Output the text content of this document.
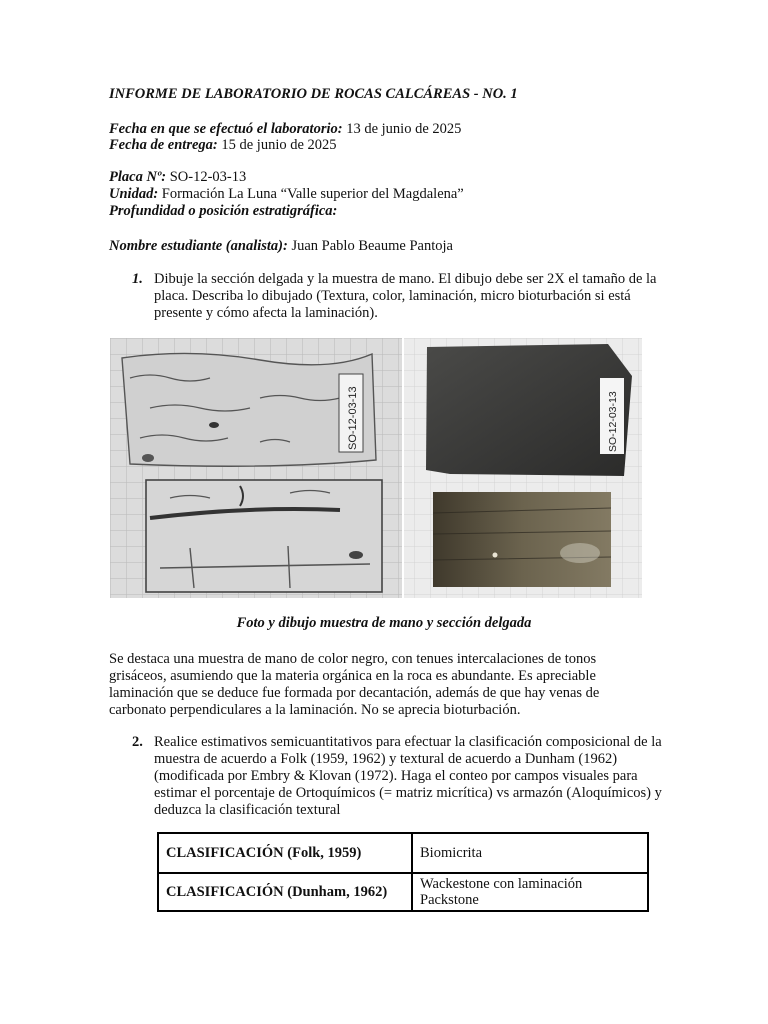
INFORME DE LABORATORIO DE ROCAS CALCÁREAS - NO. 1
Fecha en que se efectuó el laboratorio: 13 de junio de 2025
Fecha de entrega: 15 de junio de 2025
Placa Nº: SO-12-03-13
Unidad: Formación La Luna “Valle superior del Magdalena”
Profundidad o posición estratigráfica:
Nombre estudiante (analista): Juan Pablo Beaume Pantoja
1. Dibuje la sección delgada y la muestra de mano. El dibujo debe ser 2X el tamaño de la placa. Describa lo dibujado (Textura, color, laminación, micro bioturbación si está presente y cómo afecta la laminación).
SO-12-03-13	SO-12-03-13
Foto y dibujo muestra de mano y sección delgada
Se destaca una muestra de mano de color negro, con tenues intercalaciones de tonos grisáceos, asumiendo que la materia orgánica en la roca es abundante. Es apreciable laminación que se deduce fue formada por decantación, además de que hay venas de carbonato perpendiculares a la laminación. No se aprecia bioturbación.
2. Realice estimativos semicuantitativos para efectuar la clasificación composicional de la muestra de acuerdo a Folk (1959, 1962) y textural de acuerdo a Dunham (1962) (modificada por Embry & Klovan (1972). Haga el conteo por campos visuales para estimar el porcentaje de Ortoquímicos (= matriz micrítica) vs armazón (Aloquímicos) y deduzca la clasificación textural
CLASIFICACIÓN (Folk, 1959)	Biomicrita
CLASIFICACIÓN (Dunham, 1962)	Wackestone con laminación
Packstone
